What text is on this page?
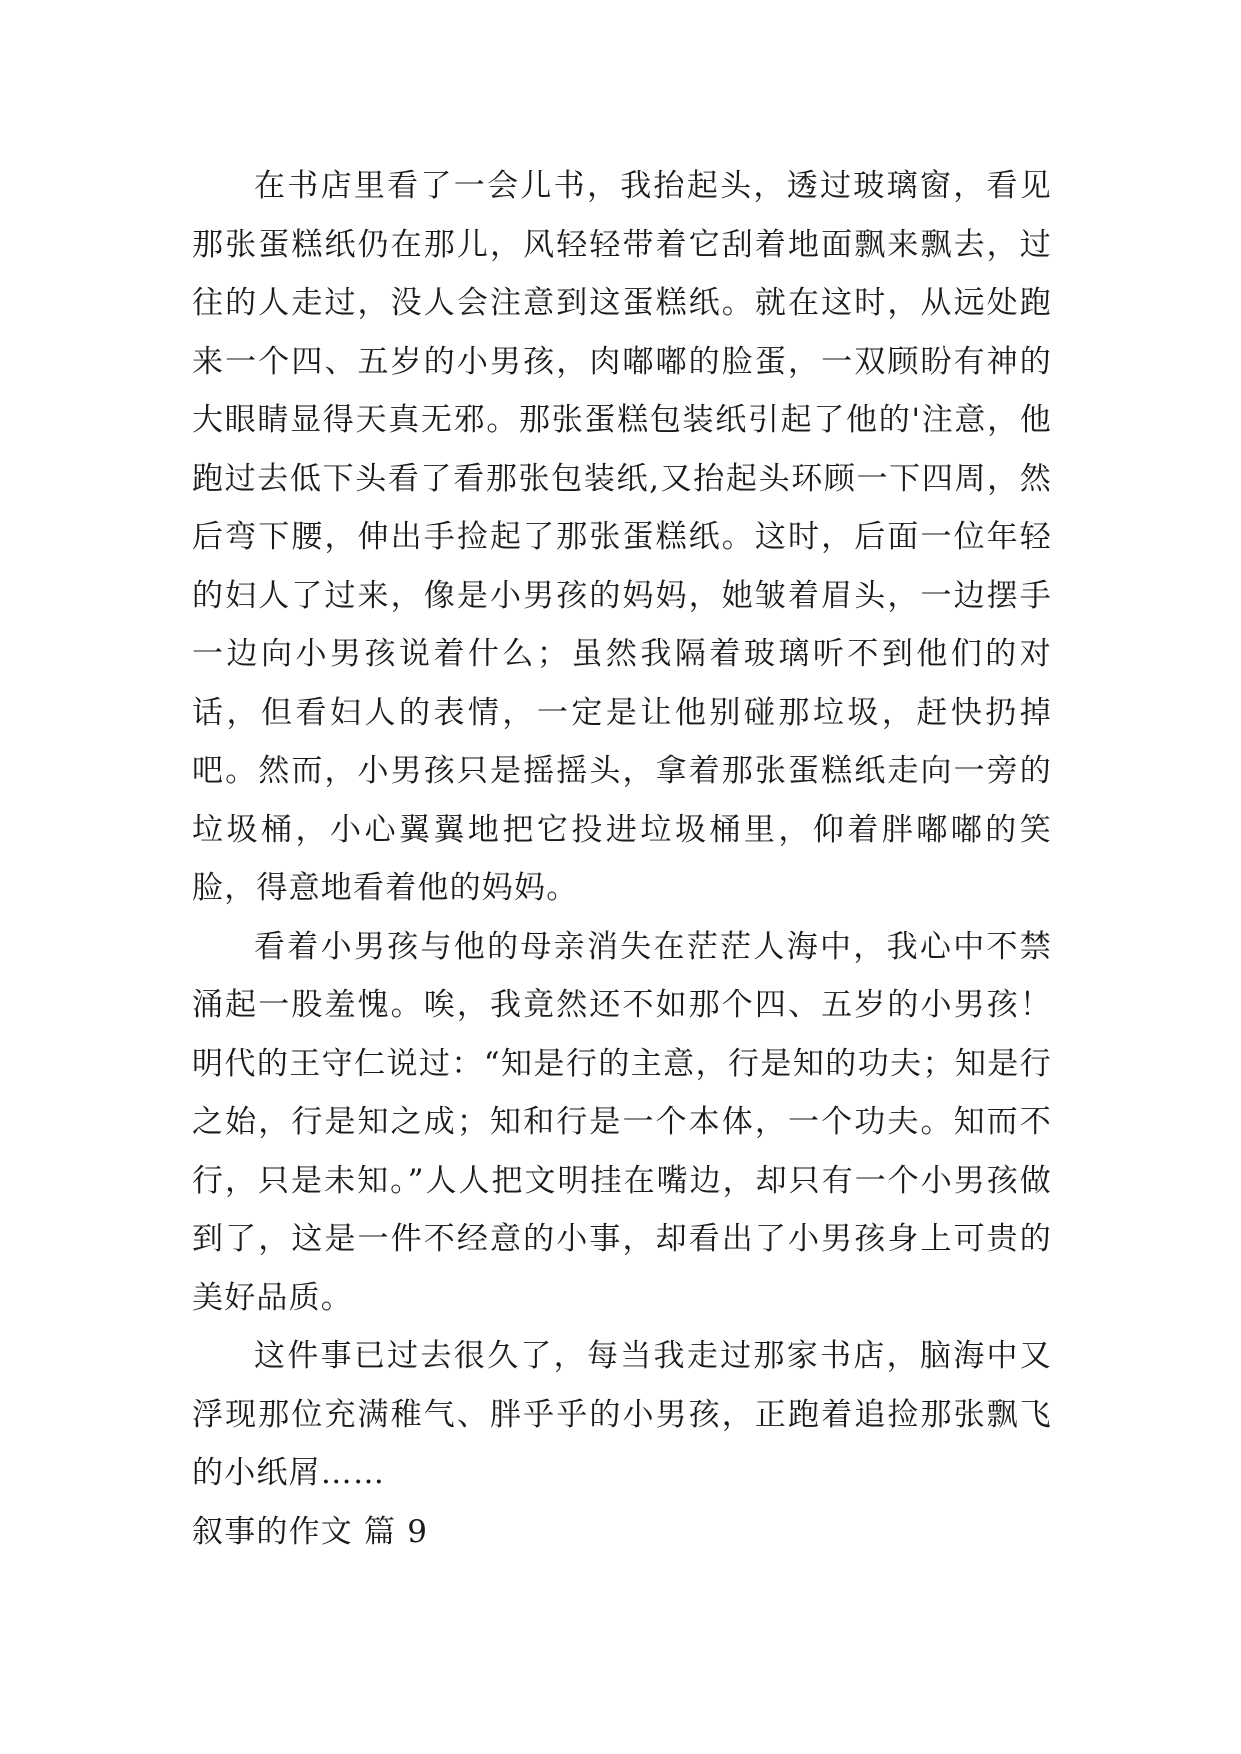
在书店里看了一会儿书，我抬起头，透过玻璃窗，看见那张蛋糕纸仍在那儿，风轻轻带着它刮着地面飘来飘去，过往的人走过，没人会注意到这蛋糕纸。就在这时，从远处跑来一个四、五岁的小男孩，肉嘟嘟的脸蛋，一双顾盼有神的大眼睛显得天真无邪。那张蛋糕包装纸引起了他的'注意，他跑过去低下头看了看那张包装纸,又抬起头环顾一下四周，然后弯下腰，伸出手捡起了那张蛋糕纸。这时，后面一位年轻的妇人了过来，像是小男孩的妈妈，她皱着眉头，一边摆手一边向小男孩说着什么；虽然我隔着玻璃听不到他们的对话，但看妇人的表情，一定是让他别碰那垃圾，赶快扔掉吧。然而，小男孩只是摇摇头，拿着那张蛋糕纸走向一旁的垃圾桶，小心翼翼地把它投进垃圾桶里，仰着胖嘟嘟的笑脸，得意地看着他的妈妈。

看着小男孩与他的母亲消失在茫茫人海中，我心中不禁涌起一股羞愧。唉，我竟然还不如那个四、五岁的小男孩！明代的王守仁说过：“知是行的主意，行是知的功夫；知是行之始，行是知之成；知和行是一个本体，一个功夫。知而不行，只是未知。”人人把文明挂在嘴边，却只有一个小男孩做到了，这是一件不经意的小事，却看出了小男孩身上可贵的美好品质。

这件事已过去很久了，每当我走过那家书店，脑海中又浮现那位充满稚气、胖乎乎的小男孩，正跑着追捡那张飘飞的小纸屑……

叙事的作文 篇 9
